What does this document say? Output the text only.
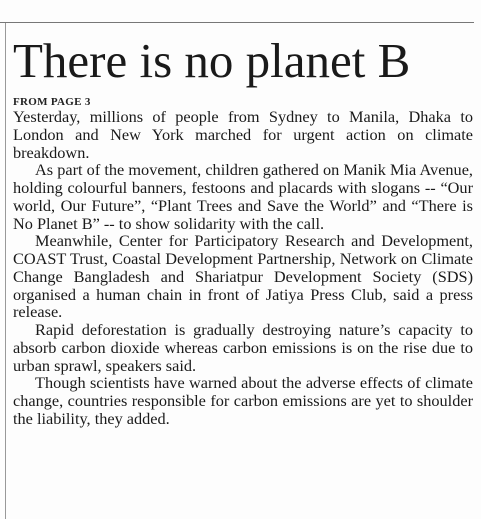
There is no planet B
FROM PAGE 3

Yesterday, millions of people from Sydney to Manila, Dhaka to London and New York marched for urgent action on climate breakdown.

As part of the movement, children gathered on Manik Mia Avenue, holding colourful banners, festoons and placards with slogans -- “Our world, Our Future”, “Plant Trees and Save the World” and “There is No Planet B” -- to show solidarity with the call.

Meanwhile, Center for Participatory Research and Development, COAST Trust, Coastal Development Partnership, Network on Climate Change Bangladesh and Shariatpur Development Society (SDS) organised a human chain in front of Jatiya Press Club, said a press release.

Rapid deforestation is gradually destroying nature’s capacity to absorb carbon dioxide whereas carbon emissions is on the rise due to urban sprawl, speakers said.

Though scientists have warned about the adverse effects of climate change, countries responsible for carbon emissions are yet to shoulder the liability, they added.
